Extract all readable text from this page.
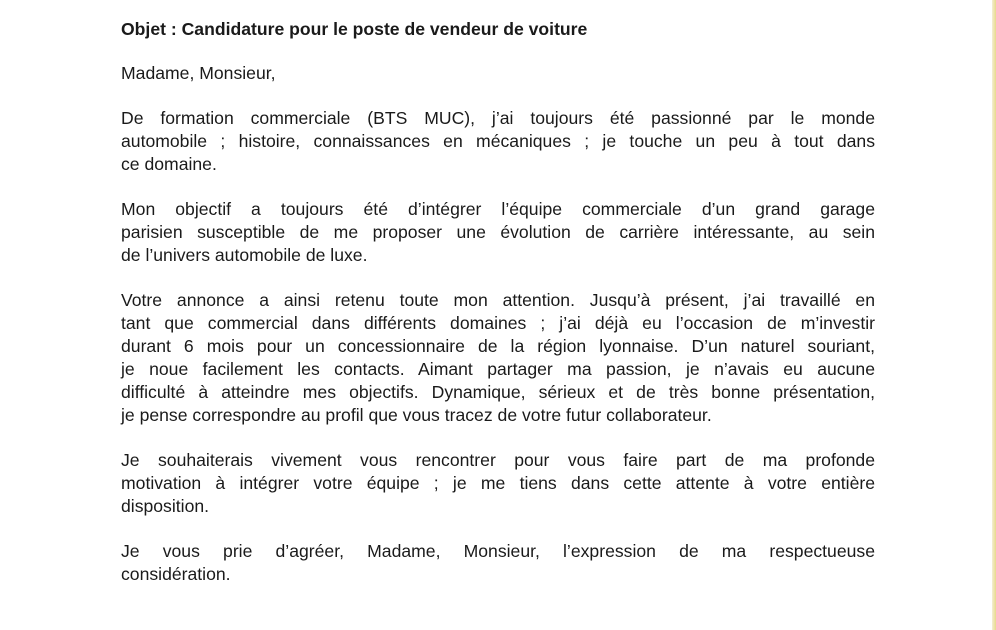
Objet : Candidature pour le poste de vendeur de voiture

Madame, Monsieur,

De formation commerciale (BTS MUC), j’ai toujours été passionné par le monde
automobile ; histoire, connaissances en mécaniques ; je touche un peu à tout dans
ce domaine.
Mon objectif a toujours été d’intégrer l’équipe commerciale d’un grand garage
parisien susceptible de me proposer une évolution de carrière intéressante, au sein
de l’univers automobile de luxe.
Votre annonce a ainsi retenu toute mon attention. Jusqu’à présent, j’ai travaillé en
tant que commercial dans différents domaines ; j’ai déjà eu l’occasion de m’investir
durant 6 mois pour un concessionnaire de la région lyonnaise. D’un naturel souriant,
je noue facilement les contacts. Aimant partager ma passion, je n’avais eu aucune
difficulté à atteindre mes objectifs. Dynamique, sérieux et de très bonne présentation,
je pense correspondre au profil que vous tracez de votre futur collaborateur.
Je souhaiterais vivement vous rencontrer pour vous faire part de ma profonde
motivation à intégrer votre équipe ; je me tiens dans cette attente à votre entière
disposition.
Je vous prie d’agréer, Madame, Monsieur, l’expression de ma respectueuse
considération.
